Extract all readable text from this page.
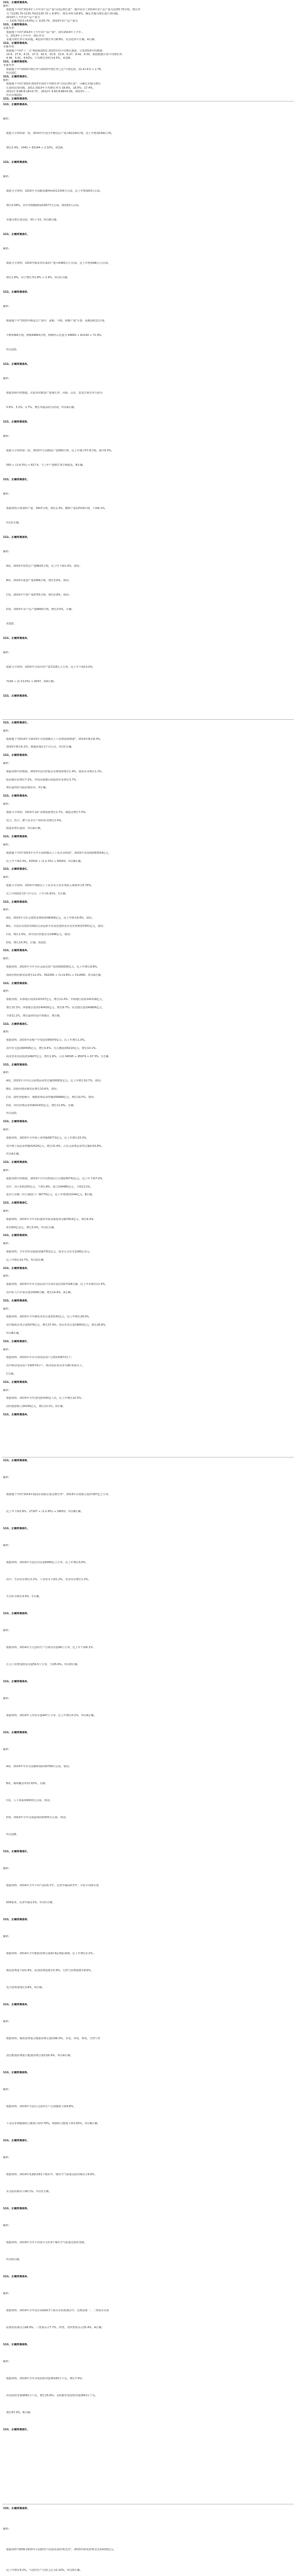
111、正确答案是A。
解析：
根据题干中的"2014年上半年农产品产量与同比增长量"，题中给出了2014年农产品产量为1235.70万吨，增长率
为 "(1235.70-1135.70)/1135.70 ≈ 8.8%"，增长率约为8.8%，确定本题为增长量计算问题。
2014年上半年农产品产量为
— 1235.70/(1+8.8%) ≈ 1135.70，2014年农产品产量为
111、正确答案是A。
本题考查：
根据题干中的"2014年上半年农产品产量"，找出2014年上半年...
1、2014年上半年中，增长率为：
本题为增长率计算问题，A选项中增长率为8.8%，其余选项不正确，A正确。
111、正确答案是A。
本题考查：
根据题干中的"十二五"期间和2011-2015年的平均增长速度，计算2015年的数据：
15.8、27.6、4.31、27.0、42.5、15.8、23.6、6.27、8.42、6.50，根据数据计算平均增长率，
4.46、4.41、4.63%，平均增长率约为4.5%，故选B。
111、正确答案是B。
本题考查：
根据题干中"2010年增长率与2015年增长率之比"计算比值，12.4÷4.5 ≈ 2.76，
所以选C。
111、正确答案是C。
解析：
根据题干中的"2010-2015年间的平均增长率与同比增长量"，可确定本题为增长
长量的比较问题，2011-2015年平均增长率为 18.6%，18.9%、17.4%，
2011年 8.88-8.18=0.70 ，2012年 9.83-8.88=0.95，2013年……
所以本题选D。
111、正确答案是D。
111、正确答案是A。
解析：
根据文字资料第一段，2015年中国全年粮食总产量为62144万吨，比上年增加1441万吨，
增长2.4%。1441 ÷ 62144 ≈ 2.32%，故选A。
111、正确答案是B。
解析：
根据文字资料，2015年全国粮食播种面积11334万公顷，比上年增加63万公顷，
增长0.56%，其中谷物播种面积9577万公顷，增加53万公顷。
本题为增长量比较，63 > 53，所以B正确。
111、正确答案是C。
解析：
根据文字资料，2015年粮食单位面积产量为5483公斤/公顷，比上年增加98公斤/公顷，
增长1.8%。由于增长率1.8% < 2.4%，所以C正确。
111、正确答案是D。
解析：
根据题干中"2015年粮食总产量中，夏粮、早稻、秋粮产量"计算：夏粮14112万吨，
早稻3369万吨，秋粮44663万吨，秋粮所占比重为 44663 ÷ 62144 ≈ 71.9%，
所以选D。
111、正确答案是A。
解析：
根据表格中的数据，比较各省粮食产量增长率，河南、山东、黑龙江增长率分别为
5.6%、3.2%、1.7%，增长率最高的为河南，所以A正确。
111、正确答案是B。
解析：
根据文字资料第二段，2015年全国棉花产量560万吨，比上年减少57.8万吨，减少9.3%。
560 ÷ (1-9.3%) ≈ 617.4，与上年产量617.8万吨接近，B正确。
111、正确答案是C。
解析：
根据资料计算油料产量：3547万吨，增长1.4%，糖料产量12529万吨，下降6.1%，
所以C正确。
111、正确答案是D。
解析：
A项，2015年肉类总产量8625万吨，比上年下降1.0%，错误；
B项，2015年禽蛋产量2999万吨，增长3.6%，错误；
C项，2015年牛奶产量3755万吨，增长0.8%，错误；
D项，2015年水产品产量6690万吨，增长3.5%，正确。
故选D。
111、正确答案是A。
解析：
根据文字资料，2015年全国木材产量7218万立方米，比上年下降13.0%，
7218 ÷ (1-13.0%) ≈ 8297，故A正确。
111、正确答案是B。
111、正确答案是C。
解析：
根据题干"2014年与2015年全国规模以上工业增加值增速"，2014年增长8.3%，
2015年增长6.1%，增速回落2.2个百分点，所以C正确。
111、正确答案是D。
解析：
根据表格中的数据，2015年国有控股企业增加值增长1.4%，集体企业增长1.2%，
股份制企业增长7.3%，外商及港澳台商投资企业增长3.7%，
增长最快的为股份制企业，D正确。
111、正确答案是A。
解析：
根据文字资料，2015年采矿业增加值增长2.7%，制造业增长7.0%，
电力、热力、燃气及水生产和供应业增长1.4%。
制造业增长最快，所以A正确。
111、正确答案是B。
解析：
根据题干中的"2015年全年全国规模以上工业企业利润"，2015年实现利润63554亿元，
比上年下降2.3%，63554 ÷ (1-2.3%) ≈ 65050，所以B正确。
111、正确答案是C。
解析：
根据文字资料，2015年规模以上工业企业主营业务收入利润率为5.76%，
比上年降低0.15个百分点，上年为5.91%，C正确。
111、正确答案是D。
解析：
A项，2015年全社会建筑业增加值46456亿元，比上年增长6.8%，错误；
B项，全国具有资质等级的总承包和专业承包建筑业企业实现利润7451亿元，错误；
C项，增长1.6%，其中国有控股企业1948亿元，错误；
D项，增长14.3%，正确。故选D。
111、正确答案是A。
解析：
根据资料，2015年全年全社会固定资产投资562000亿元，比上年增长9.8%，
扣除价格因素实际增长12.0%，562000 ÷ (1+9.8%) ≈ 511840，所以A正确。
111、正确答案是B。
解析：
根据表格，东部地区投资232107亿元，增长12.4%；中部地区投资143118亿元，
增长15.2%；西部地区投资140416亿元，增长8.7%；东北地区投资40806亿元，
下降11.1%，增长最快的是中部地区，B正确。
111、正确答案是C。
解析：
根据资料，2015年房地产开发投资95979亿元，比上年增长1.0%。
其中住宅投资64595亿元，增长0.4%；办公楼投资6210亿元，增长10.1%；
商业营业用房投资14607亿元，增长1.8%。占比 64595 ÷ 95979 ≈ 67.3%，C正确。
111、正确答案是D。
解析：
A项，2015年全年社会消费品零售总额300931亿元，比上年增长10.7%，错误；
B项，扣除价格因素实际增长10.6%，错误；
C项，按经营地统计，城镇消费品零售额258999亿元，增长10.5%，错误；
D项，乡村消费品零售额41932亿元，增长11.8%，正确。
所以选D。
111、正确答案是A。
解析：
根据资料，2015年全年网上零售额38773亿元，比上年增长33.3%，
其中网上商品零售额32424亿元，增长31.6%，占社会消费品零售总额的10.8%，
所以A正确。
111、正确答案是B。
解析：
根据表格中的数据，2015年全年货物进出口总额245741亿元，比上年下降7.0%。
其中，出口141255亿元，下降1.8%；进口104485亿元，下降13.2%。
进出口差额（出口减进口）36770亿元，比上年增加13244亿元。B正确。
111、正确答案是C。
解析：
根据资料，2015年全年实际使用外商直接投资金额7814亿元，增长6.4%，
折1263亿美元，增长5.6%。所以C正确。
111、正确答案是D。
解析：
根据资料，全年对外直接投资额7351亿元，按美元计价为1180亿美元，
比上年增长14.7%。所以D正确。
111、正确答案是A。
解析：
根据资料，2015年年末全国民用汽车保有量达到17228万辆，比上年末增长11.5%，
其中私人汽车保有量14399万辆，增长14.4%。A正确。
111、正确答案是B。
解析：
根据资料，2015年全年邮电业务总量23142亿元，比上年增长29.0%，
其中邮政业务总量5079亿元，增长37.4%；电信业务总量18063亿元，增长26.8%。
所以B正确。
111、正确答案是C。
解析：
根据资料，2015年年末全国电话用户总数153673万户，
其中移动电话用户130574万户，移动电话普及率为95.5部/百人。
C正确。
111、正确答案是D。
解析：
根据资料，2015年全年国内游客40亿人次，比上年增长10.5%；
国内旅游收入34195亿元，增长13.1%。D正确。
111、正确答案是A。
111、正确答案是B。
解析：
根据题干中的"2014年我国水资源总量及增长率"，2014年水资源总量27267亿立方米，
比上年下降2.8%，27267 ÷ (1-2.8%) ≈ 28052，所以B正确。
111、正确答案是C。
解析：
根据资料，2014年全国总用水量6095亿立方米，比上年增长0.6%。
其中，生活用水增长2.1%，工业用水下降1.2%，农业用水增长1.2%，
生态补水增长4.9%。C正确。
111、正确答案是D。
解析：
根据资料，2014年万元国内生产总值用水量96立方米，比上年下降6.1%；
万元工业增加值用水量59.5立方米，下降5.6%。所以D正确。
111、正确答案是A。
解析：
根据资料，2014年人均用水量447立方米，比上年增长0.1%，所以A正确。
111、正确答案是B。
解析：
A项，2014年年末全国森林面积20769万公顷，错误；
B项，森林覆盖率21.63%，正确；
C项，人工林面积6933万公顷，错误；
D项，2014年全年完成造林面积555万公顷，错误。
所以选B。
111、正确答案是C。
解析：
根据资料，2014年全年平均气温10.1℃，比常年偏高0.5℃；全国平均降水量
636毫米，比常年偏多1%。所以C正确。
111、正确答案是D。
解析：
根据资料，2014年全年能源消费总量42.6亿吨标准煤，比上年增长2.2%；
煤炭消费量下降2.9%，原油消费量增长5.9%，天然气消费量增长8.6%，
电力消费量增长3.8%。D正确。
111、正确答案是A。
解析：
根据资料，煤炭消费量占能源消费总量的66.0%，水电、风电、核电、天然气等
清洁能源消费量占能源消费总量的16.9%。所以A正确。
111、正确答案是B。
解析：
根据资料，2014年全国万元国内生产总值能耗下降4.8%，
工业企业吨粗铜综合能耗下降3.76%，吨钢综合能耗下降1.65%，所以B正确。
111、正确答案是C。
解析：
根据资料，2014年监测的161个城市中，城市空气质量达标的城市占9.9%，
未达标的城市占90.1%。所以C正确。
111、正确答案是D。
解析：
根据资料，2014年全年平均每天有3.9个城市空气质量达到优等级。
所以D正确。
111、正确答案是A。
解析：
根据资料，2014年全年近岸海域417个海水水质监测点中，达到国家一、二类海水水质
标准的监测点占66.9%，三类海水占7.7%，四类、劣四类海水占25.4%。A正确。
111、正确答案是B。
解析：
根据资料，2014年全年水电装机容量30183万千瓦，增长7.9%；
风电装机容量9581万千瓦，增长25.6%；太阳能发电装机容量2652万千瓦，
增长67.0%。B正确。
111、正确答案是C。
131、正确答案是D。
解析：
根据资料"2009-2015年全国研究与试验发展经费支出"，2015年研发经费支出14220亿元，
比上年增长9.2%，与国内生产总值之比为2.10%，所以D正确。
